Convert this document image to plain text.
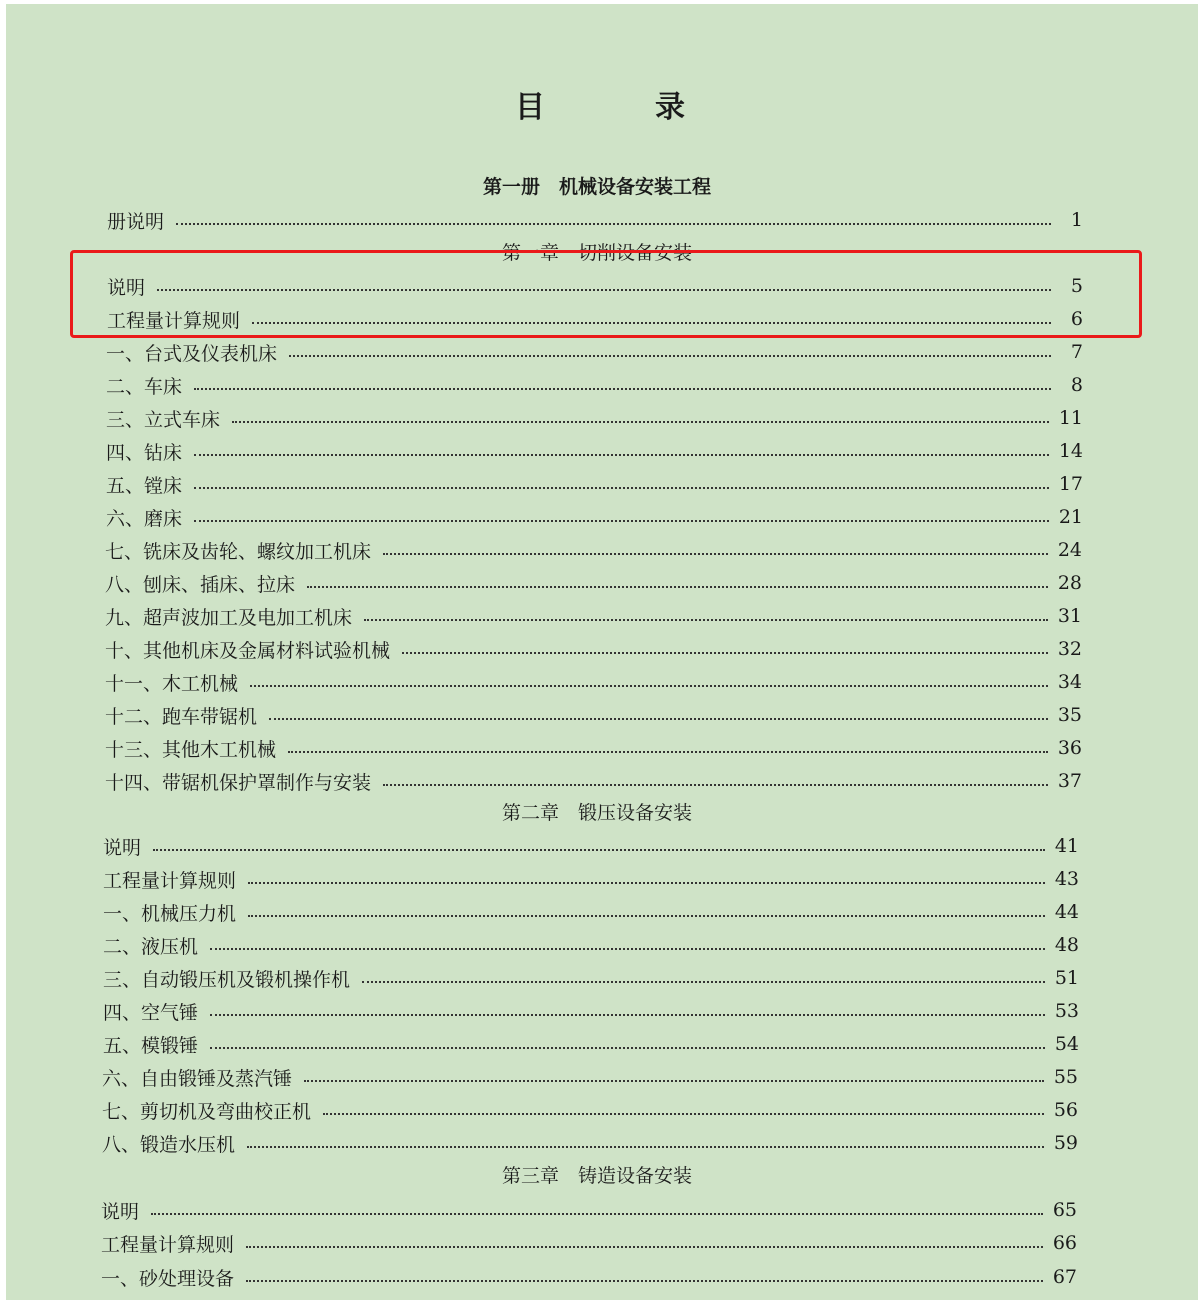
目　录
第一册　机械设备安装工程
册说明	1
第一章　切削设备安装
说明	5
工程量计算规则	6
一、台式及仪表机床	7
二、车床	8
三、立式车床	11
四、钻床	14
五、镗床	17
六、磨床	21
七、铣床及齿轮、螺纹加工机床	24
八、刨床、插床、拉床	28
九、超声波加工及电加工机床	31
十、其他机床及金属材料试验机械	32
十一、木工机械	34
十二、跑车带锯机	35
十三、其他木工机械	36
十四、带锯机保护罩制作与安装	37
第二章　锻压设备安装
说明	41
工程量计算规则	43
一、机械压力机	44
二、液压机	48
三、自动锻压机及锻机操作机	51
四、空气锤	53
五、模锻锤	54
六、自由锻锤及蒸汽锤	55
七、剪切机及弯曲校正机	56
八、锻造水压机	59
第三章　铸造设备安装
说明	65
工程量计算规则	66
一、砂处理设备	67
